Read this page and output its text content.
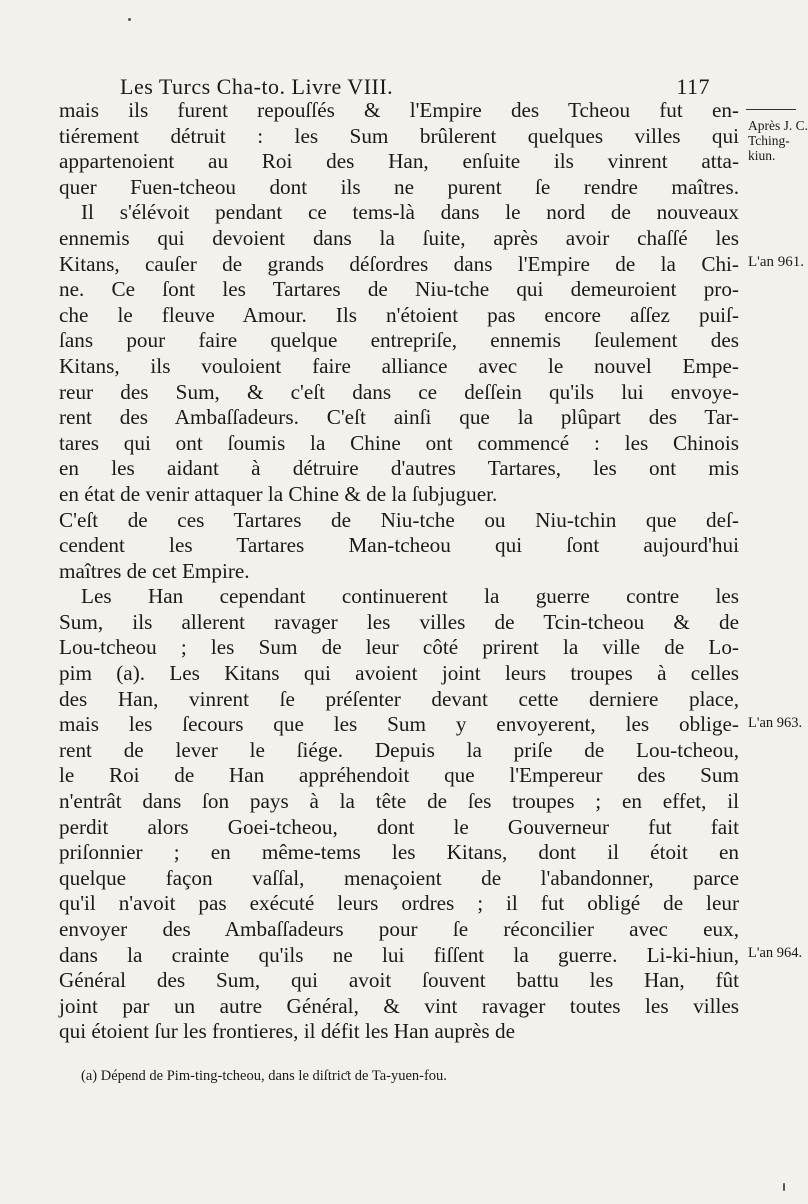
Les Turcs Cha-to. Livre VIII.	117
Après J. C.
Tching-
kiun.
L'an 961.
L'an 963.
L'an 964.
mais ils furent repouſſés & l'Empire des Tcheou fut en-
tiérement détruit : les Sum brûlerent quelques villes qui
appartenoient au Roi des Han, enſuite ils vinrent atta-
quer Fuen-tcheou dont ils ne purent ſe rendre maîtres.
Il s'élévoit pendant ce tems-là dans le nord de nouveaux
ennemis qui devoient dans la ſuite, après avoir chaſſé les
Kitans, cauſer de grands déſordres dans l'Empire de la Chi-
ne. Ce ſont les Tartares de Niu-tche qui demeuroient pro-
che le fleuve Amour. Ils n'étoient pas encore aſſez puiſ-
ſans pour faire quelque entrepriſe, ennemis ſeulement des
Kitans, ils vouloient faire alliance avec le nouvel Empe-
reur des Sum, & c'eſt dans ce deſſein qu'ils lui envoye-
rent des Ambaſſadeurs. C'eſt ainſi que la plûpart des Tar-
tares qui ont ſoumis la Chine ont commencé : les Chinois
en les aidant à détruire d'autres Tartares, les ont mis
en état de venir attaquer la Chine & de la ſubjuguer.
C'eſt de ces Tartares de Niu-tche ou Niu-tchin que deſ-
cendent les Tartares Man-tcheou qui ſont aujourd'hui
maîtres de cet Empire.
Les Han cependant continuerent la guerre contre les
Sum, ils allerent ravager les villes de Tcin-tcheou & de
Lou-tcheou ; les Sum de leur côté prirent la ville de Lo-
pim (a). Les Kitans qui avoient joint leurs troupes à celles
des Han, vinrent ſe préſenter devant cette derniere place,
mais les ſecours que les Sum y envoyerent, les oblige-
rent de lever le ſiége. Depuis la priſe de Lou-tcheou,
le Roi de Han appréhendoit que l'Empereur des Sum
n'entrât dans ſon pays à la tête de ſes troupes ; en effet, il
perdit alors Goei-tcheou, dont le Gouverneur fut fait
priſonnier ; en même-tems les Kitans, dont il étoit en
quelque façon vaſſal, menaçoient de l'abandonner, parce
qu'il n'avoit pas exécuté leurs ordres ; il fut obligé de leur
envoyer des Ambaſſadeurs pour ſe réconcilier avec eux,
dans la crainte qu'ils ne lui fiſſent la guerre. Li-ki-hiun,
Général des Sum, qui avoit ſouvent battu les Han, fût
joint par un autre Général, & vint ravager toutes les villes
qui étoient ſur les frontieres, il défit les Han auprès de
(a) Dépend de Pim-ting-tcheou, dans le diſtriƈt de Ta-yuen-fou.
